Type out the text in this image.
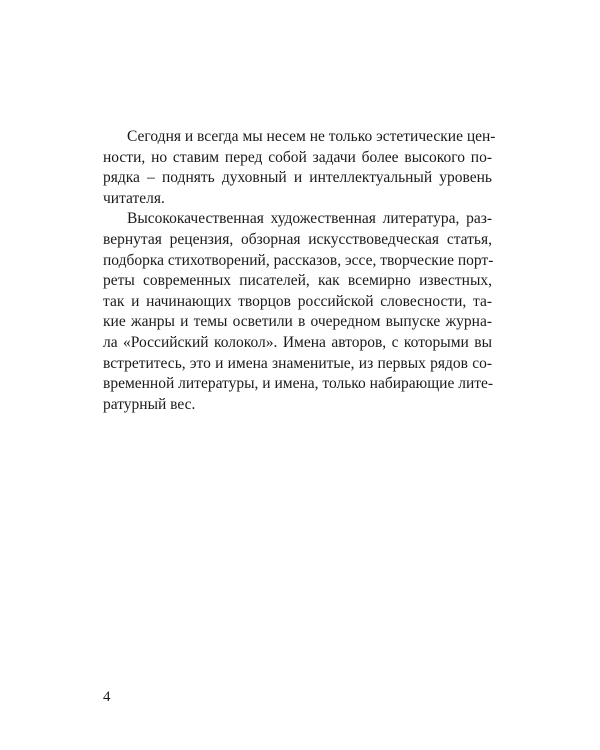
Сегодня и всегда мы несем не только эстетические цен-
ности, но ставим перед собой задачи более высокого по-
рядка – поднять духовный и интеллектуальный уровень
читателя.
Высококачественная художественная литература, раз-
вернутая рецензия, обзорная искусствоведческая статья,
подборка стихотворений, рассказов, эссе, творческие порт-
реты современных писателей, как всемирно известных,
так и начинающих творцов российской словесности, та-
кие жанры и темы осветили в очередном выпуске журна-
ла «Российский колокол». Имена авторов, с которыми вы
встретитесь, это и имена знаменитые, из первых рядов со-
временной литературы, и имена, только набирающие лите-
ратурный вес.
4
